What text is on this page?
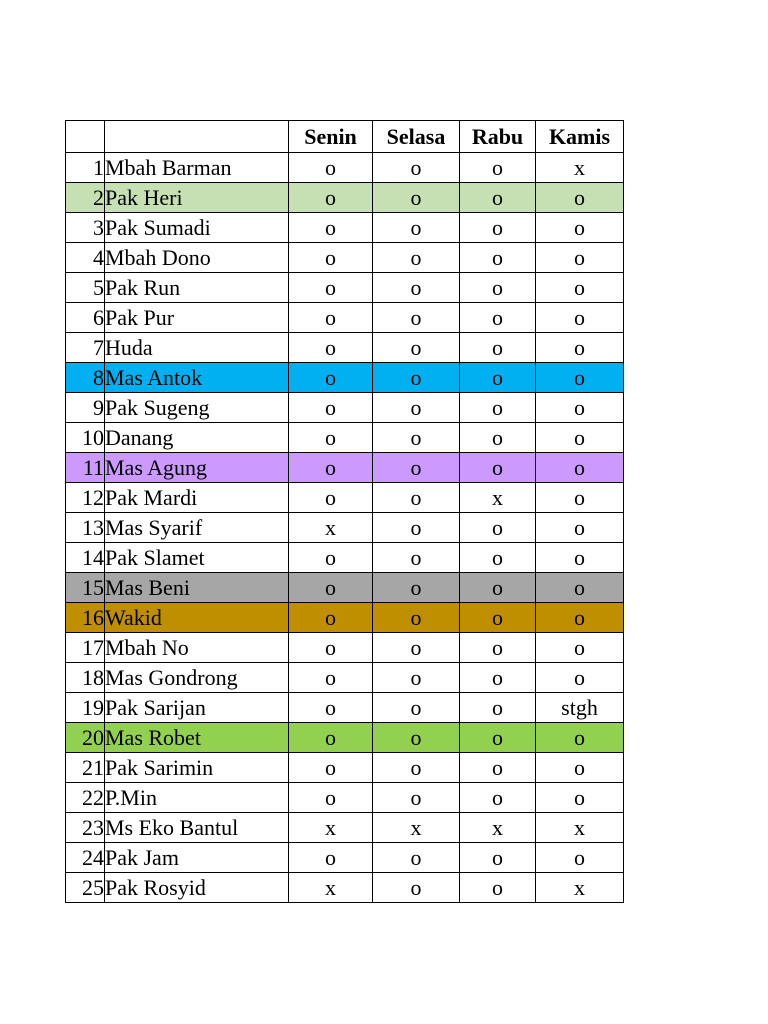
		Senin	Selasa	Rabu	Kamis
1	Mbah Barman	o	o	o	x
2	Pak Heri	o	o	o	o
3	Pak Sumadi	o	o	o	o
4	Mbah Dono	o	o	o	o
5	Pak Run	o	o	o	o
6	Pak Pur	o	o	o	o
7	Huda	o	o	o	o
8	Mas Antok	o	o	o	o
9	Pak Sugeng	o	o	o	o
10	Danang	o	o	o	o
11	Mas Agung	o	o	o	o
12	Pak Mardi	o	o	x	o
13	Mas Syarif	x	o	o	o
14	Pak Slamet	o	o	o	o
15	Mas Beni	o	o	o	o
16	Wakid	o	o	o	o
17	Mbah No	o	o	o	o
18	Mas Gondrong	o	o	o	o
19	Pak Sarijan	o	o	o	stgh
20	Mas Robet	o	o	o	o
21	Pak Sarimin	o	o	o	o
22	P.Min	o	o	o	o
23	Ms Eko Bantul	x	x	x	x
24	Pak Jam	o	o	o	o
25	Pak Rosyid	x	o	o	x
